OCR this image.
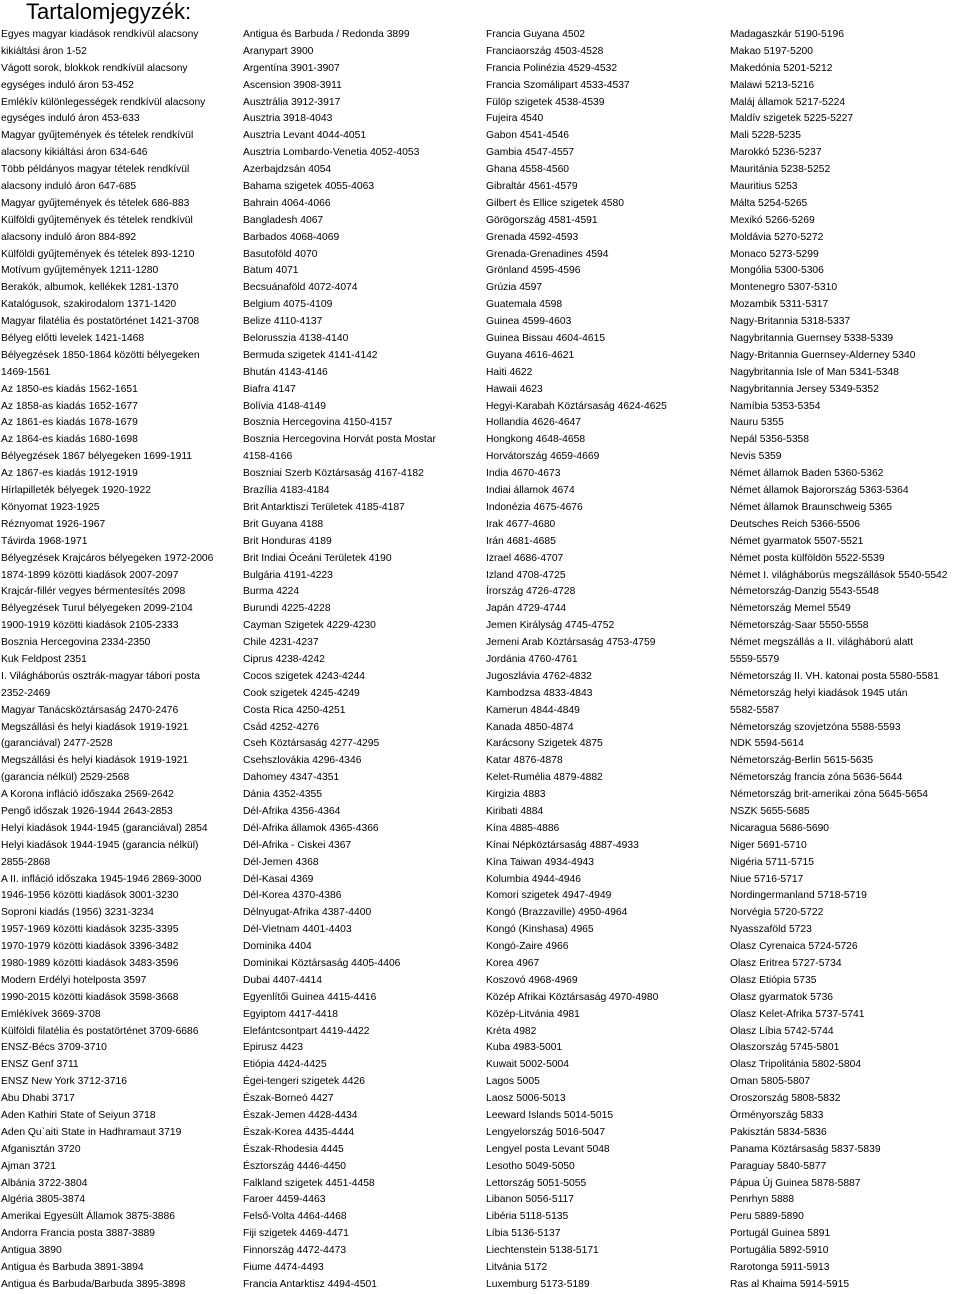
Tartalomjegyzék:
Egyes magyar kiadások rendkívül alacsony
kikiáltási áron 1-52
Vágott sorok, blokkok rendkívül alacsony
egységes induló áron 53-452
Emlékív különlegességek rendkívül alacsony
egységes induló áron 453-633
Magyar gyűjtemények és tételek rendkívül
alacsony kikiáltási áron 634-646
Több példányos magyar tételek rendkívül
alacsony induló áron 647-685
Magyar gyűjtemények és tételek 686-883
Külföldi gyűjtemények és tételek rendkívül
alacsony induló áron 884-892
Külföldi gyűjtemények és tételek 893-1210
Motívum gyűjtemények 1211-1280
Berakók, albumok, kellékek 1281-1370
Katalógusok, szakirodalom 1371-1420
Magyar filatélia és postatörténet 1421-3708
Bélyeg előtti levelek 1421-1468
Bélyegzések 1850-1864 közötti bélyegeken
1469-1561
Az 1850-es kiadás 1562-1651
Az 1858-as kiadás 1652-1677
Az 1861-es kiadás 1678-1679
Az 1864-es kiadás 1680-1698
Bélyegzések 1867 bélyegeken 1699-1911
Az 1867-es kiadás 1912-1919
Hírlapilleték bélyegek 1920-1922
Könyomat 1923-1925
Réznyomat 1926-1967
Távirda 1968-1971
Bélyegzések Krajcáros bélyegeken 1972-2006
1874-1899 közötti kiadások 2007-2097
Krajcár-fillér vegyes bérmentesítés 2098
Bélyegzések Turul bélyegeken 2099-2104
1900-1919 közötti kiadások 2105-2333
Bosznia Hercegovina 2334-2350
Kuk Feldpost 2351
I. Világháborús osztrák-magyar tábori posta
2352-2469
Magyar Tanácsköztársaság 2470-2476
Megszállási és helyi kiadások 1919-1921
(garanciával) 2477-2528
Megszállási és helyi kiadások 1919-1921
(garancia nélkül) 2529-2568
A Korona infláció időszaka 2569-2642
Pengő időszak 1926-1944 2643-2853
Helyi kiadások 1944-1945 (garanciával) 2854
Helyi kiadások 1944-1945 (garancia nélkül)
2855-2868
A II. infláció időszaka 1945-1946 2869-3000
1946-1956 közötti kiadások 3001-3230
Soproni kiadás (1956) 3231-3234
1957-1969 közötti kiadások 3235-3395
1970-1979 közötti kiadások 3396-3482
1980-1989 közötti kiadások 3483-3596
Modern Erdélyi hotelposta 3597
1990-2015 közötti kiadások 3598-3668
Emlékívek 3669-3708
Külföldi filatélia és postatörténet 3709-6686
ENSZ-Bécs 3709-3710
ENSZ Genf 3711
ENSZ New York 3712-3716
Abu Dhabi 3717
Aden Kathiri State of Seiyun 3718
Aden Qu`aiti State in Hadhramaut 3719
Afganisztán 3720
Ajman 3721
Albánia 3722-3804
Algéria 3805-3874
Amerikai Egyesült Államok 3875-3886
Andorra Francia posta 3887-3889
Antigua 3890
Antigua és Barbuda 3891-3894
Antigua és Barbuda/Barbuda 3895-3898
Antigua és Barbuda / Redonda 3899
Aranypart 3900
Argentína 3901-3907
Ascension 3908-3911
Ausztrália 3912-3917
Ausztria 3918-4043
Ausztria Levant 4044-4051
Ausztria Lombardo-Venetia 4052-4053
Azerbajdzsán 4054
Bahama szigetek 4055-4063
Bahrain 4064-4066
Bangladesh 4067
Barbados 4068-4069
Basutoföld 4070
Batum 4071
Becsuánaföld 4072-4074
Belgium 4075-4109
Belize 4110-4137
Belorusszia 4138-4140
Bermuda szigetek 4141-4142
Bhután 4143-4146
Biafra 4147
Bolívia 4148-4149
Bosznia Hercegovina 4150-4157
Bosznia Hercegovina Horvát posta Mostar
4158-4166
Boszniai Szerb Köztársaság 4167-4182
Brazília 4183-4184
Brit Antarktiszi Területek 4185-4187
Brit Guyana 4188
Brit Honduras 4189
Brit Indiai Óceáni Területek 4190
Bulgária 4191-4223
Burma 4224
Burundi 4225-4228
Cayman Szigetek 4229-4230
Chile 4231-4237
Ciprus 4238-4242
Cocos szigetek 4243-4244
Cook szigetek 4245-4249
Costa Rica 4250-4251
Csád 4252-4276
Cseh Köztársaság 4277-4295
Csehszlovákia 4296-4346
Dahomey 4347-4351
Dánia 4352-4355
Dél-Afrika 4356-4364
Dél-Afrika államok 4365-4366
Dél-Afrika - Ciskei 4367
Dél-Jemen 4368
Dél-Kasai 4369
Dél-Korea 4370-4386
Délnyugat-Afrika 4387-4400
Dél-Vietnam 4401-4403
Dominika 4404
Dominikai Köztársaság 4405-4406
Dubai 4407-4414
Egyenlítői Guinea 4415-4416
Egyiptom 4417-4418
Elefántcsontpart 4419-4422
Epirusz 4423
Etiópia 4424-4425
Égei-tengeri szigetek 4426
Észak-Borneó 4427
Észak-Jemen 4428-4434
Észak-Korea 4435-4444
Észak-Rhodesia 4445
Észtország 4446-4450
Falkland szigetek 4451-4458
Faroer 4459-4463
Felső-Volta 4464-4468
Fiji szigetek 4469-4471
Finnország 4472-4473
Fiume 4474-4493
Francia Antarktisz 4494-4501
Francia Guyana 4502
Franciaország 4503-4528
Francia Polinézia 4529-4532
Francia Szomálipart 4533-4537
Fülöp szigetek 4538-4539
Fujeira 4540
Gabon 4541-4546
Gambia 4547-4557
Ghana 4558-4560
Gibraltár 4561-4579
Gilbert és Ellice szigetek 4580
Görögország 4581-4591
Grenada 4592-4593
Grenada-Grenadines 4594
Grönland 4595-4596
Grúzia 4597
Guatemala 4598
Guinea 4599-4603
Guinea Bissau 4604-4615
Guyana 4616-4621
Haiti 4622
Hawaii 4623
Hegyi-Karabah Köztársaság 4624-4625
Hollandia 4626-4647
Hongkong 4648-4658
Horvátország 4659-4669
India 4670-4673
Indiai államok 4674
Indonézia 4675-4676
Irak 4677-4680
Irán 4681-4685
Izrael 4686-4707
Izland 4708-4725
Írország 4726-4728
Japán 4729-4744
Jemen Királyság 4745-4752
Jemeni Arab Köztársaság 4753-4759
Jordánia 4760-4761
Jugoszlávia 4762-4832
Kambodzsa 4833-4843
Kamerun 4844-4849
Kanada 4850-4874
Karácsony Szigetek 4875
Katar 4876-4878
Kelet-Rumélia 4879-4882
Kirgizia 4883
Kiribati 4884
Kína 4885-4886
Kínai Népköztársaság 4887-4933
Kína Taiwan 4934-4943
Kolumbia 4944-4946
Komori szigetek 4947-4949
Kongó (Brazzaville) 4950-4964
Kongó (Kinshasa) 4965
Kongó-Zaire 4966
Korea 4967
Koszovó 4968-4969
Közép Afrikai Köztársaság 4970-4980
Közép-Litvánia 4981
Kréta 4982
Kuba 4983-5001
Kuwait 5002-5004
Lagos 5005
Laosz 5006-5013
Leeward Islands 5014-5015
Lengyelország 5016-5047
Lengyel posta Levant 5048
Lesotho 5049-5050
Lettország 5051-5055
Libanon 5056-5117
Libéria 5118-5135
Líbia 5136-5137
Liechtenstein 5138-5171
Litvánia 5172
Luxemburg 5173-5189
Madagaszkár 5190-5196
Makao 5197-5200
Makedónia 5201-5212
Malawi 5213-5216
Maláj államok 5217-5224
Maldív szigetek 5225-5227
Mali 5228-5235
Marokkó 5236-5237
Mauritánia 5238-5252
Mauritius 5253
Málta 5254-5265
Mexikó 5266-5269
Moldávia 5270-5272
Monaco 5273-5299
Mongólia 5300-5306
Montenegro 5307-5310
Mozambik 5311-5317
Nagy-Britannia 5318-5337
Nagybritannia Guernsey 5338-5339
Nagy-Britannia Guernsey-Alderney 5340
Nagybritannia Isle of Man 5341-5348
Nagybritannia Jersey 5349-5352
Namíbia 5353-5354
Nauru 5355
Nepál 5356-5358
Nevis 5359
Német államok Baden 5360-5362
Német államok Bajorország 5363-5364
Német államok Braunschweig 5365
Deutsches Reich 5366-5506
Német gyarmatok 5507-5521
Német posta külföldön 5522-5539
Német I. világháborús megszállások 5540-5542
Németország-Danzig 5543-5548
Németország Memel 5549
Németország-Saar 5550-5558
Német megszállás a II. világháború alatt
5559-5579
Németország II. VH. katonai posta 5580-5581
Németország helyi kiadások 1945 után
5582-5587
Németország szovjetzóna 5588-5593
NDK 5594-5614
Németország-Berlin 5615-5635
Németország francia zóna 5636-5644
Németország brit-amerikai zóna 5645-5654
NSZK 5655-5685
Nicaragua 5686-5690
Niger 5691-5710
Nigéria 5711-5715
Niue 5716-5717
Nordingermanland 5718-5719
Norvégia 5720-5722
Nyasszaföld 5723
Olasz Cyrenaica 5724-5726
Olasz Eritrea 5727-5734
Olasz Etiópia 5735
Olasz gyarmatok 5736
Olasz Kelet-Afrika 5737-5741
Olasz Líbia 5742-5744
Olaszország 5745-5801
Olasz Tripolitánia 5802-5804
Oman 5805-5807
Oroszország 5808-5832
Örményország 5833
Pakisztán 5834-5836
Panama Köztársaság 5837-5839
Paraguay 5840-5877
Pápua Új Guinea 5878-5887
Penrhyn 5888
Peru 5889-5890
Portugál Guinea 5891
Portugália 5892-5910
Rarotonga 5911-5913
Ras al Khaima 5914-5915
